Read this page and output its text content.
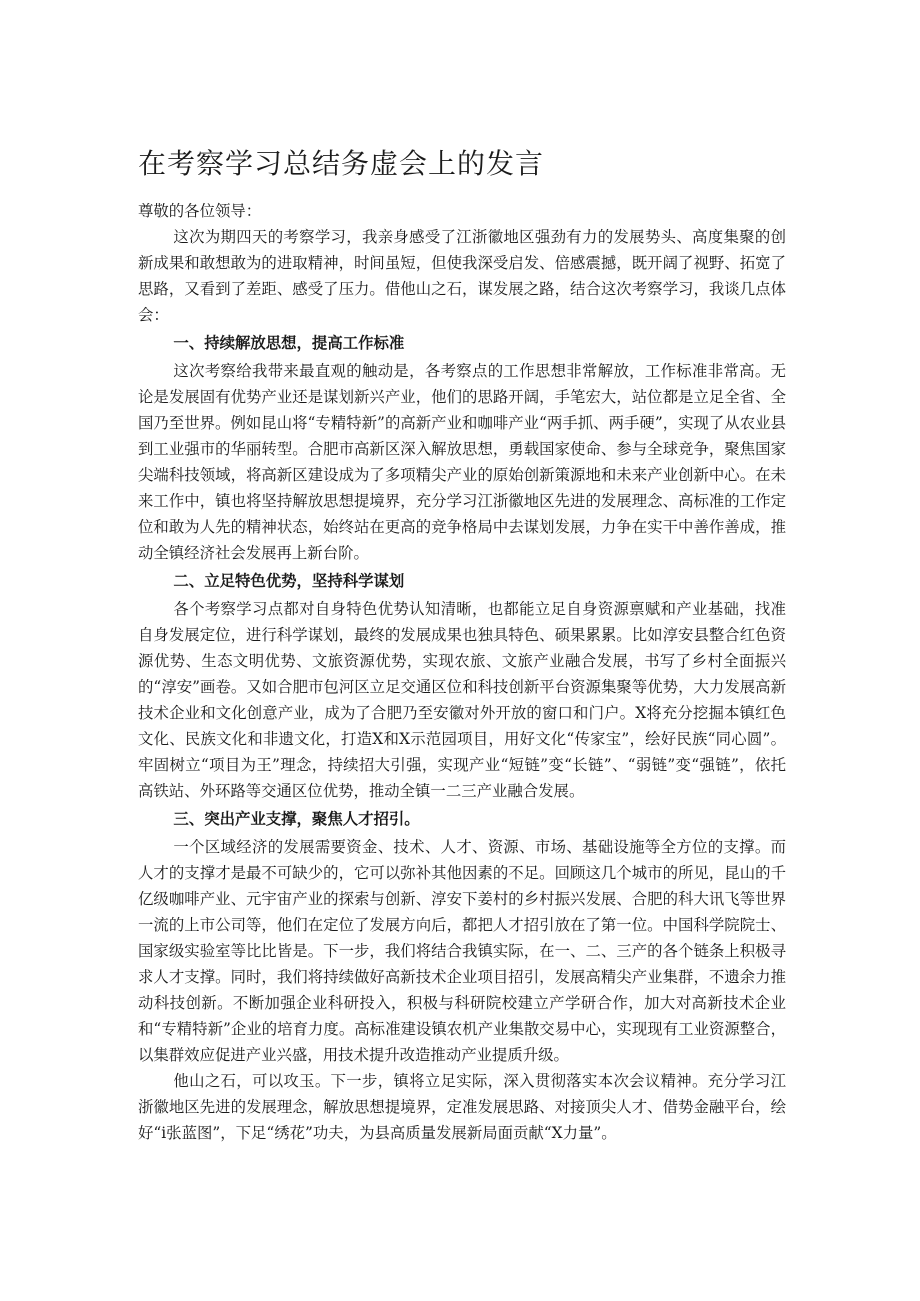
在考察学习总结务虚会上的发言

尊敬的各位领导：

这次为期四天的考察学习，我亲身感受了江浙徽地区强劲有力的发展势头、高度集聚的创新成果和敢想敢为的进取精神，时间虽短，但使我深受启发、倍感震撼，既开阔了视野、拓宽了思路，又看到了差距、感受了压力。借他山之石，谋发展之路，结合这次考察学习，我谈几点体会：

一、持续解放思想，提高工作标准

这次考察给我带来最直观的触动是，各考察点的工作思想非常解放，工作标准非常高。无论是发展固有优势产业还是谋划新兴产业，他们的思路开阔，手笔宏大，站位都是立足全省、全国乃至世界。例如昆山将“专精特新”的高新产业和咖啡产业“两手抓、两手硬”，实现了从农业县到工业强市的华丽转型。合肥市高新区深入解放思想，勇载国家使命、参与全球竞争，聚焦国家尖端科技领域，将高新区建设成为了多项精尖产业的原始创新策源地和未来产业创新中心。在未来工作中，镇也将坚持解放思想提境界，充分学习江浙徽地区先进的发展理念、高标准的工作定位和敢为人先的精神状态，始终站在更高的竞争格局中去谋划发展，力争在实干中善作善成，推动全镇经济社会发展再上新台阶。

二、立足特色优势，坚持科学谋划

各个考察学习点都对自身特色优势认知清晰，也都能立足自身资源禀赋和产业基础，找准自身发展定位，进行科学谋划，最终的发展成果也独具特色、硕果累累。比如淳安县整合红色资源优势、生态文明优势、文旅资源优势，实现农旅、文旅产业融合发展，书写了乡村全面振兴的“淳安”画卷。又如合肥市包河区立足交通区位和科技创新平台资源集聚等优势，大力发展高新技术企业和文化创意产业，成为了合肥乃至安徽对外开放的窗口和门户。X将充分挖掘本镇红色文化、民族文化和非遗文化，打造X和X示范园项目，用好文化“传家宝”，绘好民族“同心圆”。牢固树立“项目为王”理念，持续招大引强，实现产业“短链”变“长链”、“弱链”变“强链”，依托高铁站、外环路等交通区位优势，推动全镇一二三产业融合发展。

三、突出产业支撑，聚焦人才招引。

一个区域经济的发展需要资金、技术、人才、资源、市场、基础设施等全方位的支撑。而人才的支撑才是最不可缺少的，它可以弥补其他因素的不足。回顾这几个城市的所见，昆山的千亿级咖啡产业、元宇宙产业的探索与创新、淳安下姜村的乡村振兴发展、合肥的科大讯飞等世界一流的上市公司等，他们在定位了发展方向后，都把人才招引放在了第一位。中国科学院院士、国家级实验室等比比皆是。下一步，我们将结合我镇实际，在一、二、三产的各个链条上积极寻求人才支撑。同时，我们将持续做好高新技术企业项目招引，发展高精尖产业集群，不遗余力推动科技创新。不断加强企业科研投入，积极与科研院校建立产学研合作，加大对高新技术企业和“专精特新”企业的培育力度。高标准建设镇农机产业集散交易中心，实现现有工业资源整合，以集群效应促进产业兴盛，用技术提升改造推动产业提质升级。

他山之石，可以攻玉。下一步，镇将立足实际，深入贯彻落实本次会议精神。充分学习江浙徽地区先进的发展理念，解放思想提境界，定准发展思路、对接顶尖人才、借势金融平台，绘好“i张蓝图”，下足“绣花”功夫，为县高质量发展新局面贡献“X力量”。
